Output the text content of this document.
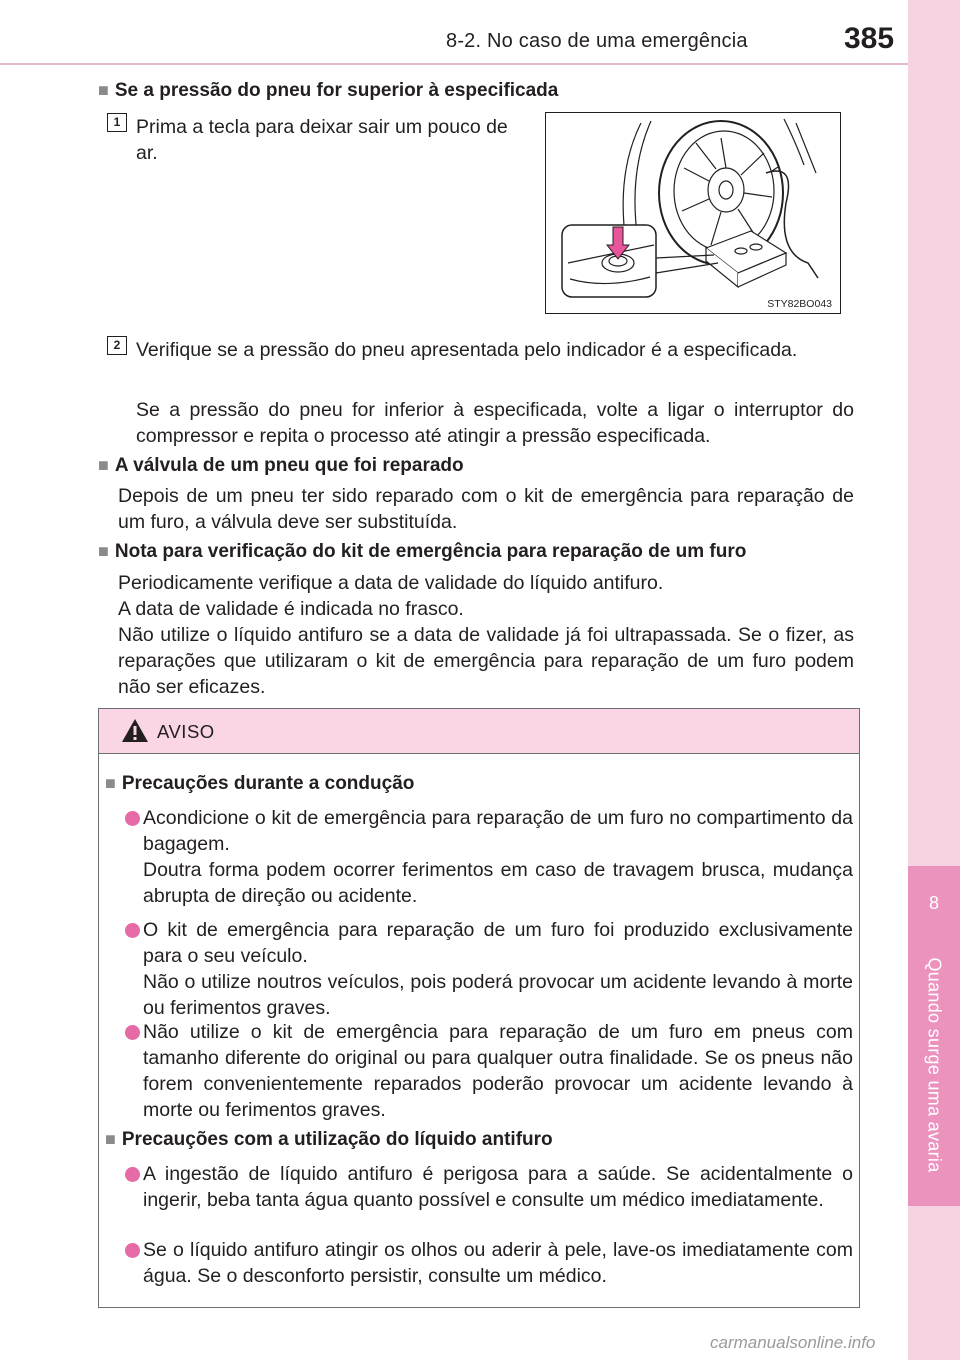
8-2. No caso de uma emergência	385
8
Quando surge uma avaria
■ Se a pressão do pneu for superior à especificada
1 Prima a tecla para deixar sair um pouco de ar.
STY82BO043
2 Verifique se a pressão do pneu apresentada pelo indicador é a especificada.
Se a pressão do pneu for inferior à especificada, volte a ligar o interruptor do compressor e repita o processo até atingir a pressão especificada.
■ A válvula de um pneu que foi reparado
Depois de um pneu ter sido reparado com o kit de emergência para reparação de um furo, a válvula deve ser substituída.
■ Nota para verificação do kit de emergência para reparação de um furo
Periodicamente verifique a data de validade do líquido antifuro.
A data de validade é indicada no frasco.
Não utilize o líquido antifuro se a data de validade já foi ultrapassada. Se o fizer, as reparações que utilizaram o kit de emergência para reparação de um furo podem não ser eficazes.
AVISO
■ Precauções durante a condução
Acondicione o kit de emergência para reparação de um furo no compartimento da bagagem.
Doutra forma podem ocorrer ferimentos em caso de travagem brusca, mudança abrupta de direção ou acidente.
O kit de emergência para reparação de um furo foi produzido exclusivamente para o seu veículo.
Não o utilize noutros veículos, pois poderá provocar um acidente levando à morte ou ferimentos graves.
Não utilize o kit de emergência para reparação de um furo em pneus com tamanho diferente do original ou para qualquer outra finalidade. Se os pneus não forem convenientemente reparados poderão provocar um acidente levando à morte ou ferimentos graves.
■ Precauções com a utilização do líquido antifuro
A ingestão de líquido antifuro é perigosa para a saúde. Se acidentalmente o ingerir, beba tanta água quanto possível e consulte um médico imediatamente.
Se o líquido antifuro atingir os olhos ou aderir à pele, lave-os imediatamente com água. Se o desconforto persistir, consulte um médico.
carmanualsonline.info
